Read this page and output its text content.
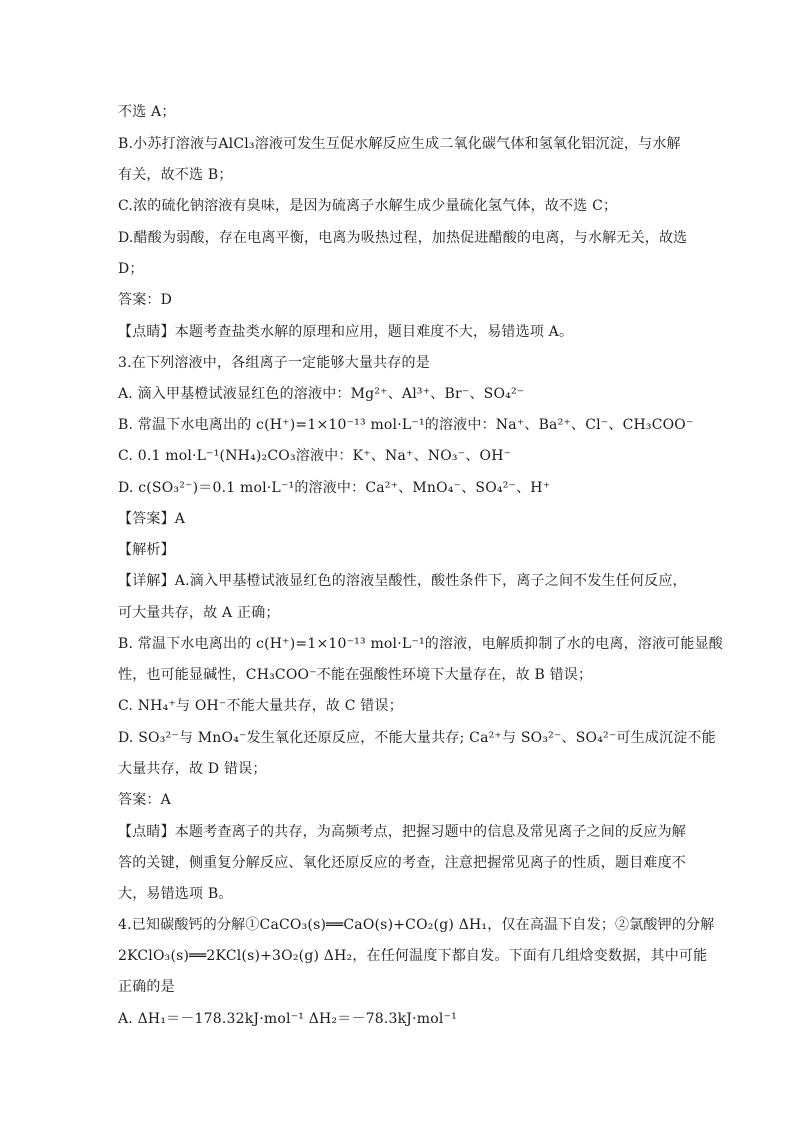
不选 A；
B.小苏打溶液与AlCl₃溶液可发生互促水解反应生成二氧化碳气体和氢氧化铝沉淀，与水解
有关，故不选 B；
C.浓的硫化钠溶液有臭味，是因为硫离子水解生成少量硫化氢气体，故不选 C；
D.醋酸为弱酸，存在电离平衡，电离为吸热过程，加热促进醋酸的电离，与水解无关，故选
D；
答案：D
【点睛】本题考查盐类水解的原理和应用，题目难度不大，易错选项 A。
3.在下列溶液中，各组离子一定能够大量共存的是
A. 滴入甲基橙试液显红色的溶液中：Mg²⁺、Al³⁺、Br⁻、SO₄²⁻
B. 常温下水电离出的 c(H⁺)=1×10⁻¹³ mol·L⁻¹的溶液中：Na⁺、Ba²⁺、Cl⁻、CH₃COO⁻
C. 0.1 mol·L⁻¹(NH₄)₂CO₃溶液中：K⁺、Na⁺、NO₃⁻、OH⁻
D. c(SO₃²⁻)＝0.1 mol·L⁻¹的溶液中：Ca²⁺、MnO₄⁻、SO₄²⁻、H⁺
【答案】A
【解析】
【详解】A.滴入甲基橙试液显红色的溶液呈酸性，酸性条件下，离子之间不发生任何反应，
可大量共存，故 A 正确；
B. 常温下水电离出的 c(H⁺)=1×10⁻¹³ mol·L⁻¹的溶液，电解质抑制了水的电离，溶液可能显酸
性，也可能显碱性，CH₃COO⁻不能在强酸性环境下大量存在，故 B 错误；
C. NH₄⁺与 OH⁻不能大量共存，故 C 错误；
D. SO₃²⁻与 MnO₄⁻发生氧化还原反应，不能大量共存; Ca²⁺与 SO₃²⁻、SO₄²⁻可生成沉淀不能
大量共存，故 D 错误；
答案：A
【点睛】本题考查离子的共存，为高频考点，把握习题中的信息及常见离子之间的反应为解
答的关键，侧重复分解反应、氧化还原反应的考查，注意把握常见离子的性质，题目难度不
大，易错选项 B。
4.已知碳酸钙的分解①CaCO₃(s)══CaO(s)+CO₂(g) ΔH₁，仅在高温下自发；②氯酸钾的分解
2KClO₃(s)══2KCl(s)+3O₂(g) ΔH₂，在任何温度下都自发。下面有几组焓变数据，其中可能
正确的是
A. ΔH₁＝－178.32kJ·mol⁻¹ ΔH₂＝－78.3kJ·mol⁻¹
